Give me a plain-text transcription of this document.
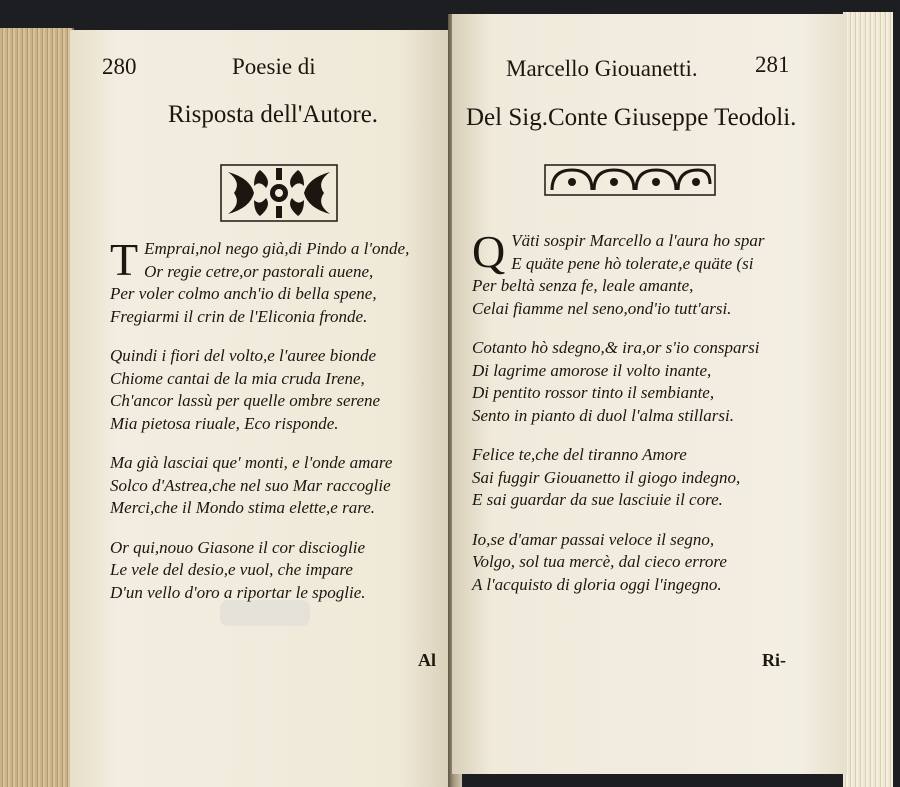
280	Poesie di
Risposta dell'Autore.
T Emprai,nol nego già,di Pindo a l'onde,
Or regie cetre,or pastorali auene,
Per voler colmo anch'io di bella spene,
Fregiarmi il crin de l'Eliconia fronde.
Quindi i fiori del volto,e l'auree bionde
Chiome cantai de la mia cruda Irene,
Ch'ancor lassù per quelle ombre serene
Mia pietosa riuale, Eco risponde.
Ma già lasciai que' monti, e l'onde amare
Solco d'Astrea,che nel suo Mar raccoglie
Merci,che il Mondo stima elette,e rare.
Or qui,nouo Giasone il cor discioglie
Le vele del desio,e vuol, che impare
D'un vello d'oro a riportar le spoglie.
Al
Marcello Giouanetti. 281
Del Sig.Conte Giuseppe Teodoli.
Q Väti sospir Marcello a l'aura ho spar
E quäte pene hò tolerate,e quäte (si
Per beltà senza fe, leale amante,
Celai fiamme nel seno,ond'io tutt'arsi.
Cotanto hò sdegno,& ira,or s'io consparsi
Di lagrime amorose il volto inante,
Di pentito rossor tinto il sembiante,
Sento in pianto di duol l'alma stillarsi.
Felice te,che del tiranno Amore
Sai fuggir Giouanetto il giogo indegno,
E sai guardar da sue lasciuie il core.
Io,se d'amar passai veloce il segno,
Volgo, sol tua mercè, dal cieco errore
A l'acquisto di gloria oggi l'ingegno.
Ri-
